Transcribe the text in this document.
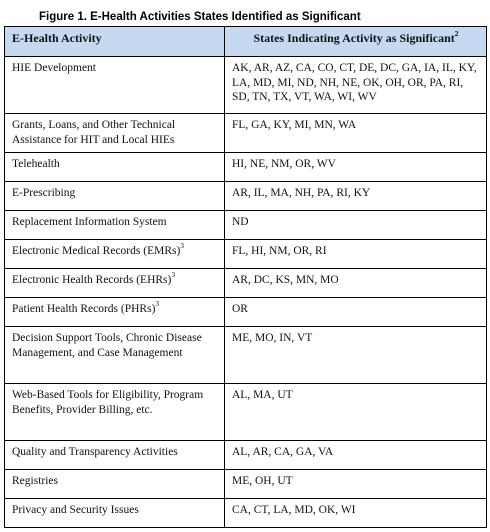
Figure 1. E-Health Activities States Identified as Significant
E-Health Activity	States Indicating Activity as Significant$^2$
HIE Development	AK, AR, AZ, CA, CO, CT, DE, DC, GA, IA, IL, KY, LA, MD, MI, ND, NH, NE, OK, OH, OR, PA, RI, SD, TN, TX, VT, WA, WI, WV
Grants, Loans, and Other Technical Assistance for HIT and Local HIEs	FL, GA, KY, MI, MN, WA
Telehealth	HI, NE, NM, OR, WV
E-Prescribing	AR, IL, MA, NH, PA, RI, KY
Replacement Information System	ND
Electronic Medical Records (EMRs)$^3$	FL, HI, NM, OR, RI
Electronic Health Records (EHRs)$^3$	AR, DC, KS, MN, MO
Patient Health Records (PHRs)$^3$	OR
Decision Support Tools, Chronic Disease Management, and Case Management	ME, MO, IN, VT
Web-Based Tools for Eligibility, Program Benefits, Provider Billing, etc.	AL, MA, UT
Quality and Transparency Activities	AL, AR, CA, GA, VA
Registries	ME, OH, UT
Privacy and Security Issues	CA, CT, LA, MD, OK, WI
